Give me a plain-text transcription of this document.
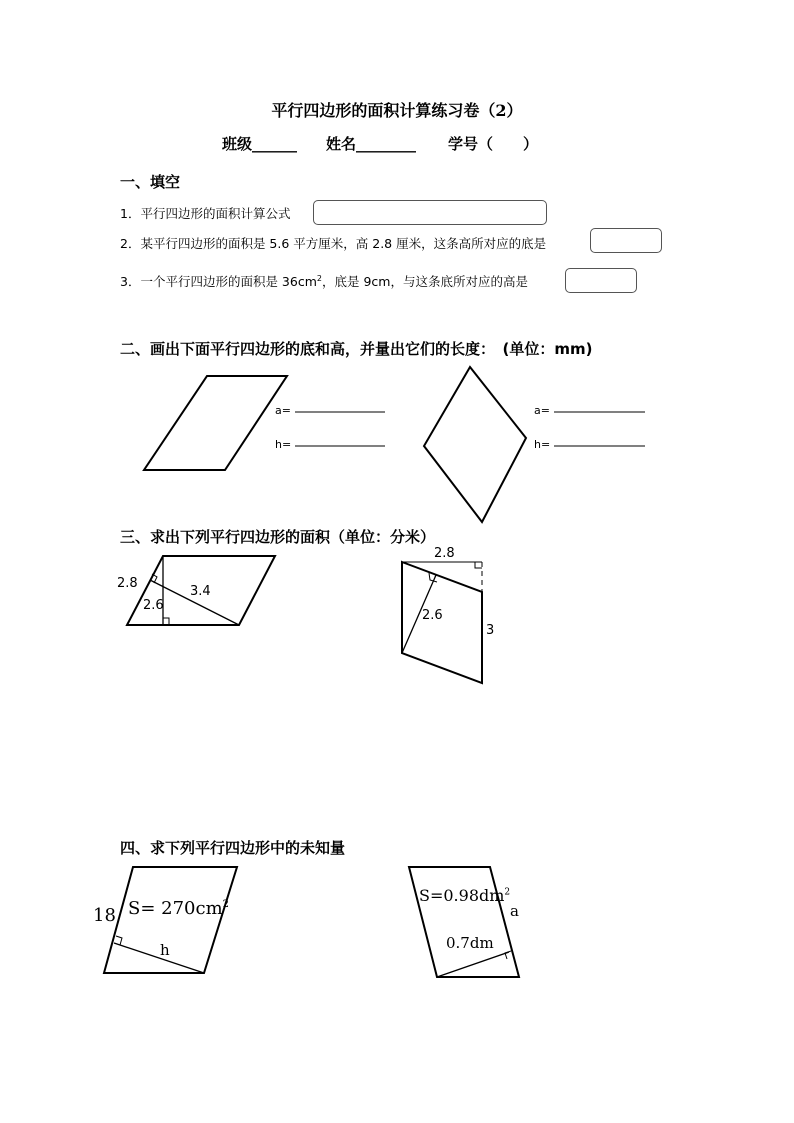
平行四边形的面积计算练习卷（2）
班级______ 姓名________ 学号（　　）
一、填空
1．平行四边形的面积计算公式
2．某平行四边形的面积是 5.6 平方厘米，高 2.8 厘米，这条高所对应的底是
3．一个平行四边形的面积是 $36cm^2$，底是 9cm，与这条底所对应的高是
二、画出下面平行四边形的底和高，并量出它们的长度：　(单位：mm)
a=
h=
a=
h=
三、求出下列平行四边形的面积（单位：分米）
2.8
2.6
3.4
2.8
2.6
3
四、求下列平行四边形中的未知量
18 $S= 270cm^2$
h
$S=0.98dm^2$
a
0.7dm
